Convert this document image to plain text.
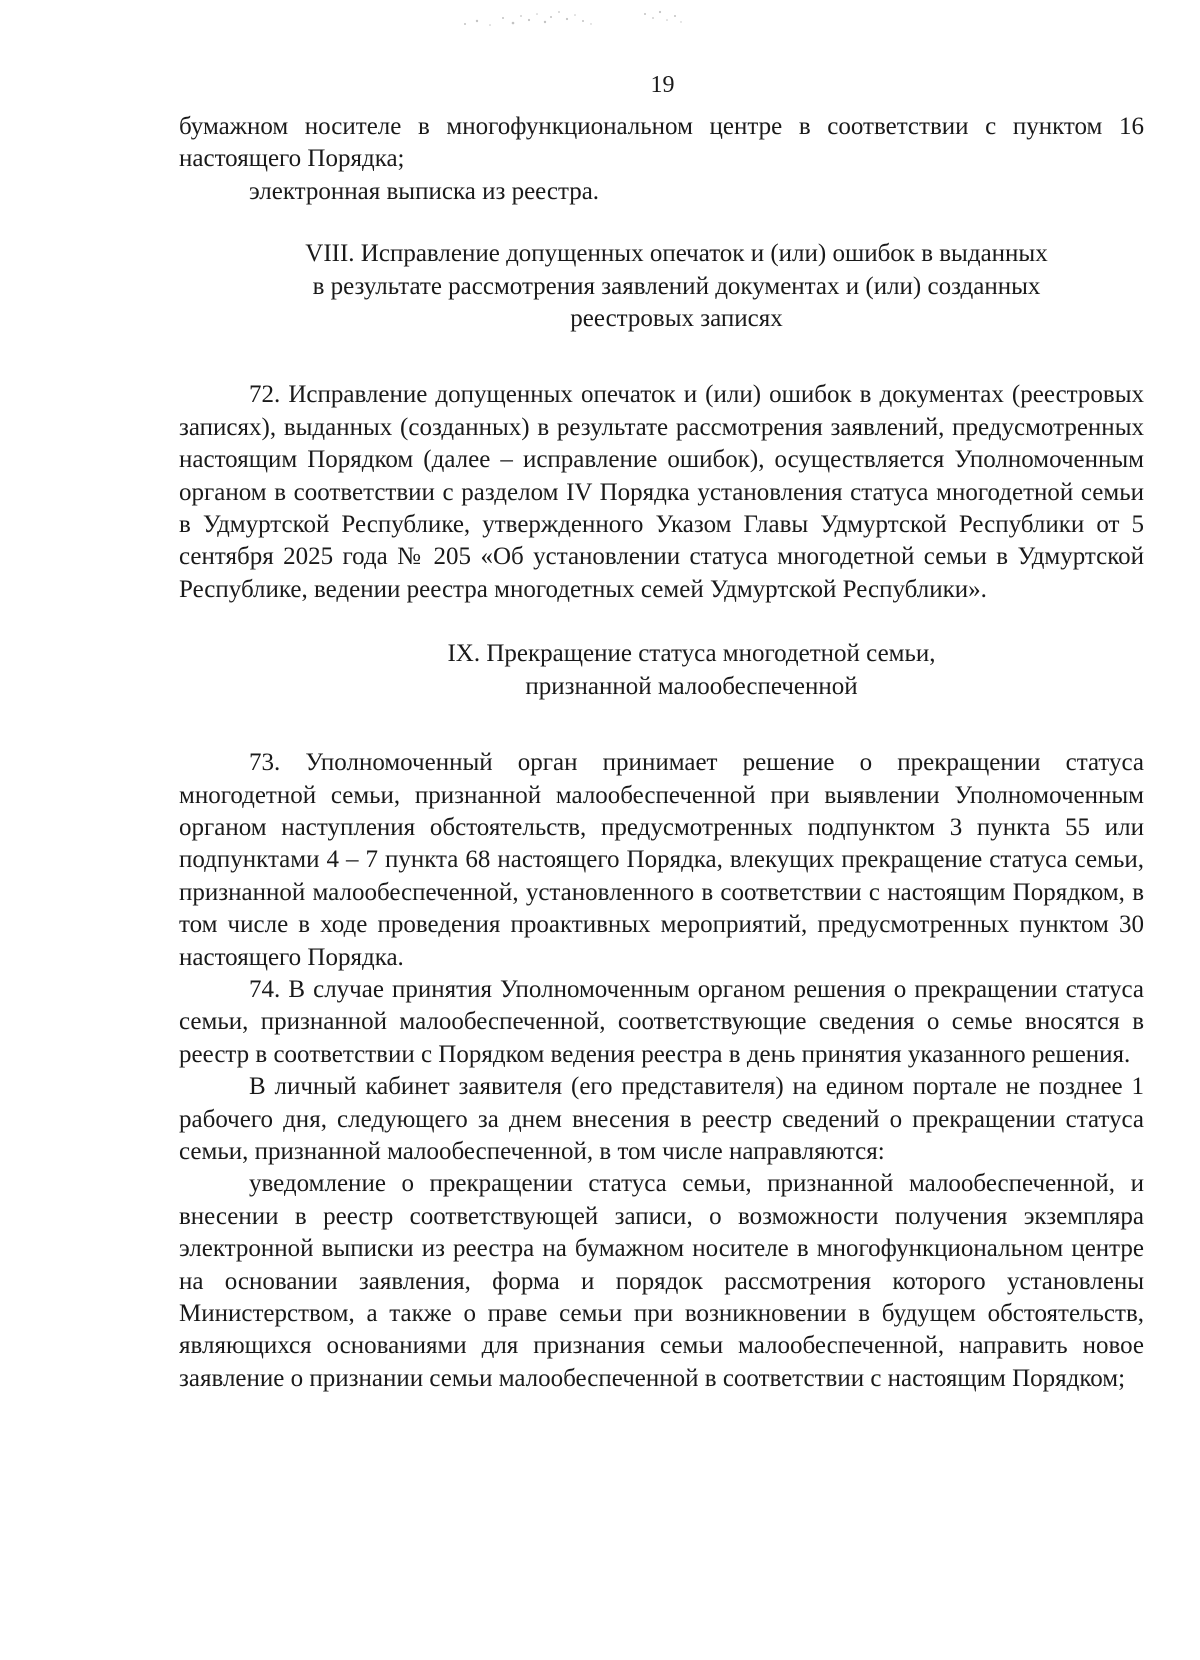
19

бумажном носителе в многофункциональном центре в соответствии с пунктом 16 настоящего Порядка;

электронная выписка из реестра.

VIII. Исправление допущенных опечаток и (или) ошибок в выданных
в результате рассмотрения заявлений документах и (или) созданных
реестровых записях

72. Исправление допущенных опечаток и (или) ошибок в документах (реестровых записях), выданных (созданных) в результате рассмотрения заявлений, предусмотренных настоящим Порядком (далее – исправление ошибок), осуществляется Уполномоченным органом в соответствии с разделом IV Порядка установления статуса многодетной семьи в Удмуртской Республике, утвержденного Указом Главы Удмуртской Республики от 5 сентября 2025 года № 205 «Об установлении статуса многодетной семьи в Удмуртской Республике, ведении реестра многодетных семей Удмуртской Республики».

IX. Прекращение статуса многодетной семьи,
признанной малообеспеченной

73. Уполномоченный орган принимает решение о прекращении статуса многодетной семьи, признанной малообеспеченной при выявлении Уполномоченным органом наступления обстоятельств, предусмотренных подпунктом 3 пункта 55 или подпунктами 4 – 7 пункта 68 настоящего Порядка, влекущих прекращение статуса семьи, признанной малообеспеченной, установленного в соответствии с настоящим Порядком, в том числе в ходе проведения проактивных мероприятий, предусмотренных пунктом 30 настоящего Порядка.

74. В случае принятия Уполномоченным органом решения о прекращении статуса семьи, признанной малообеспеченной, соответствующие сведения о семье вносятся в реестр в соответствии с Порядком ведения реестра в день принятия указанного решения.

В личный кабинет заявителя (его представителя) на едином портале не позднее 1 рабочего дня, следующего за днем внесения в реестр сведений о прекращении статуса семьи, признанной малообеспеченной, в том числе направляются:

уведомление о прекращении статуса семьи, признанной малообеспеченной, и внесении в реестр соответствующей записи, о возможности получения экземпляра электронной выписки из реестра на бумажном носителе в многофункциональном центре на основании заявления, форма и порядок рассмотрения которого установлены Министерством, а также о праве семьи при возникновении в будущем обстоятельств, являющихся основаниями для признания семьи малообеспеченной, направить новое заявление о признании семьи малообеспеченной в соответствии с настоящим Порядком;
